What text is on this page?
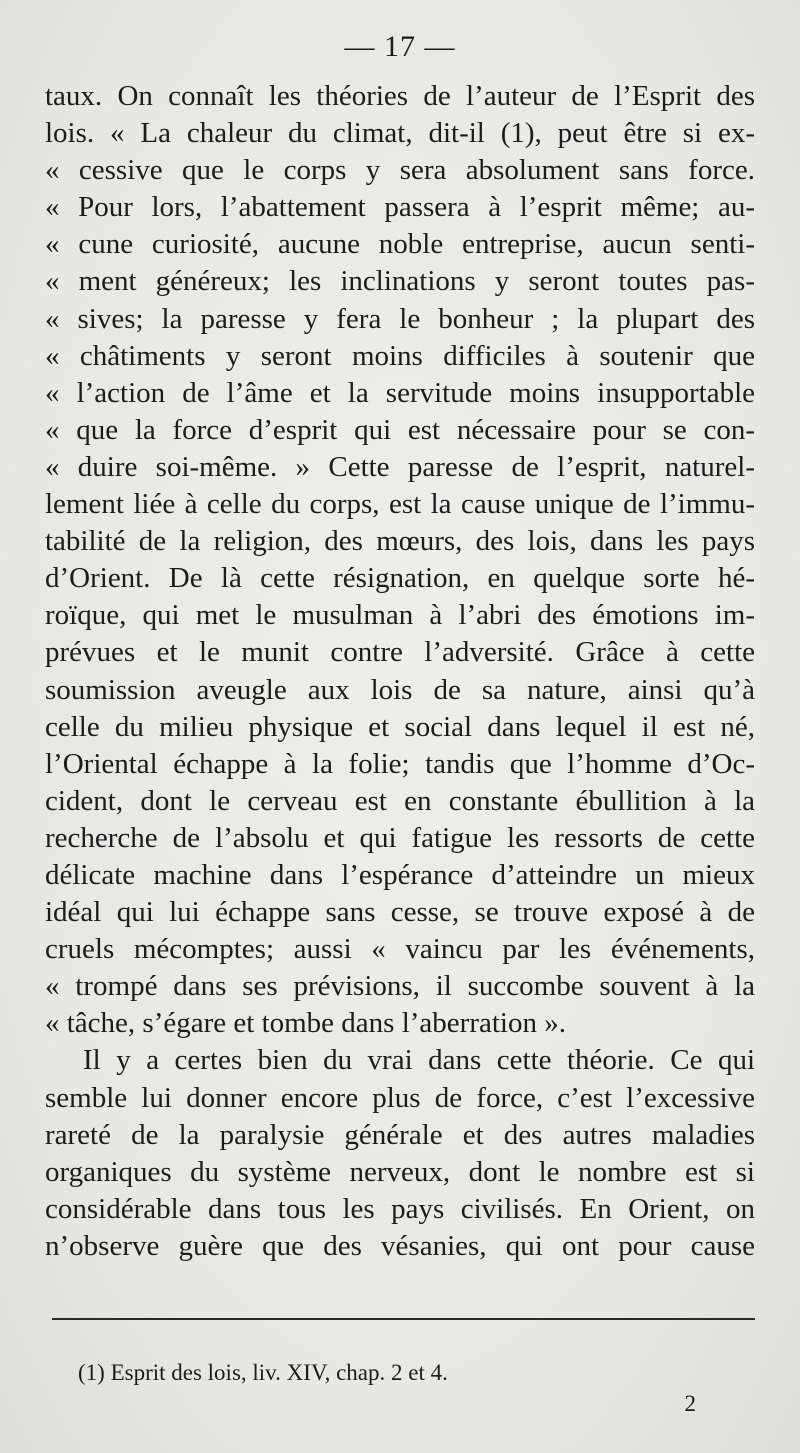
— 17 —
taux. On connaît les théories de l’auteur de l’Esprit des
lois. « La chaleur du climat, dit-il (1), peut être si ex-
« cessive que le corps y sera absolument sans force.
« Pour lors, l’abattement passera à l’esprit même; au-
« cune curiosité, aucune noble entreprise, aucun senti-
« ment généreux; les inclinations y seront toutes pas-
« sives; la paresse y fera le bonheur ; la plupart des
« châtiments y seront moins difficiles à soutenir que
« l’action de l’âme et la servitude moins insupportable
« que la force d’esprit qui est nécessaire pour se con-
« duire soi-même. » Cette paresse de l’esprit, naturel-
lement liée à celle du corps, est la cause unique de l’immu-
tabilité de la religion, des mœurs, des lois, dans les pays
d’Orient. De là cette résignation, en quelque sorte hé-
roïque, qui met le musulman à l’abri des émotions im-
prévues et le munit contre l’adversité. Grâce à cette
soumission aveugle aux lois de sa nature, ainsi qu’à
celle du milieu physique et social dans lequel il est né,
l’Oriental échappe à la folie; tandis que l’homme d’Oc-
cident, dont le cerveau est en constante ébullition à la
recherche de l’absolu et qui fatigue les ressorts de cette
délicate machine dans l’espérance d’atteindre un mieux
idéal qui lui échappe sans cesse, se trouve exposé à de
cruels mécomptes; aussi « vaincu par les événements,
« trompé dans ses prévisions, il succombe souvent à la
« tâche, s’égare et tombe dans l’aberration ».
Il y a certes bien du vrai dans cette théorie. Ce qui
semble lui donner encore plus de force, c’est l’excessive
rareté de la paralysie générale et des autres maladies
organiques du système nerveux, dont le nombre est si
considérable dans tous les pays civilisés. En Orient, on
n’observe guère que des vésanies, qui ont pour cause
(1) Esprit des lois, liv. XIV, chap. 2 et 4.
2
